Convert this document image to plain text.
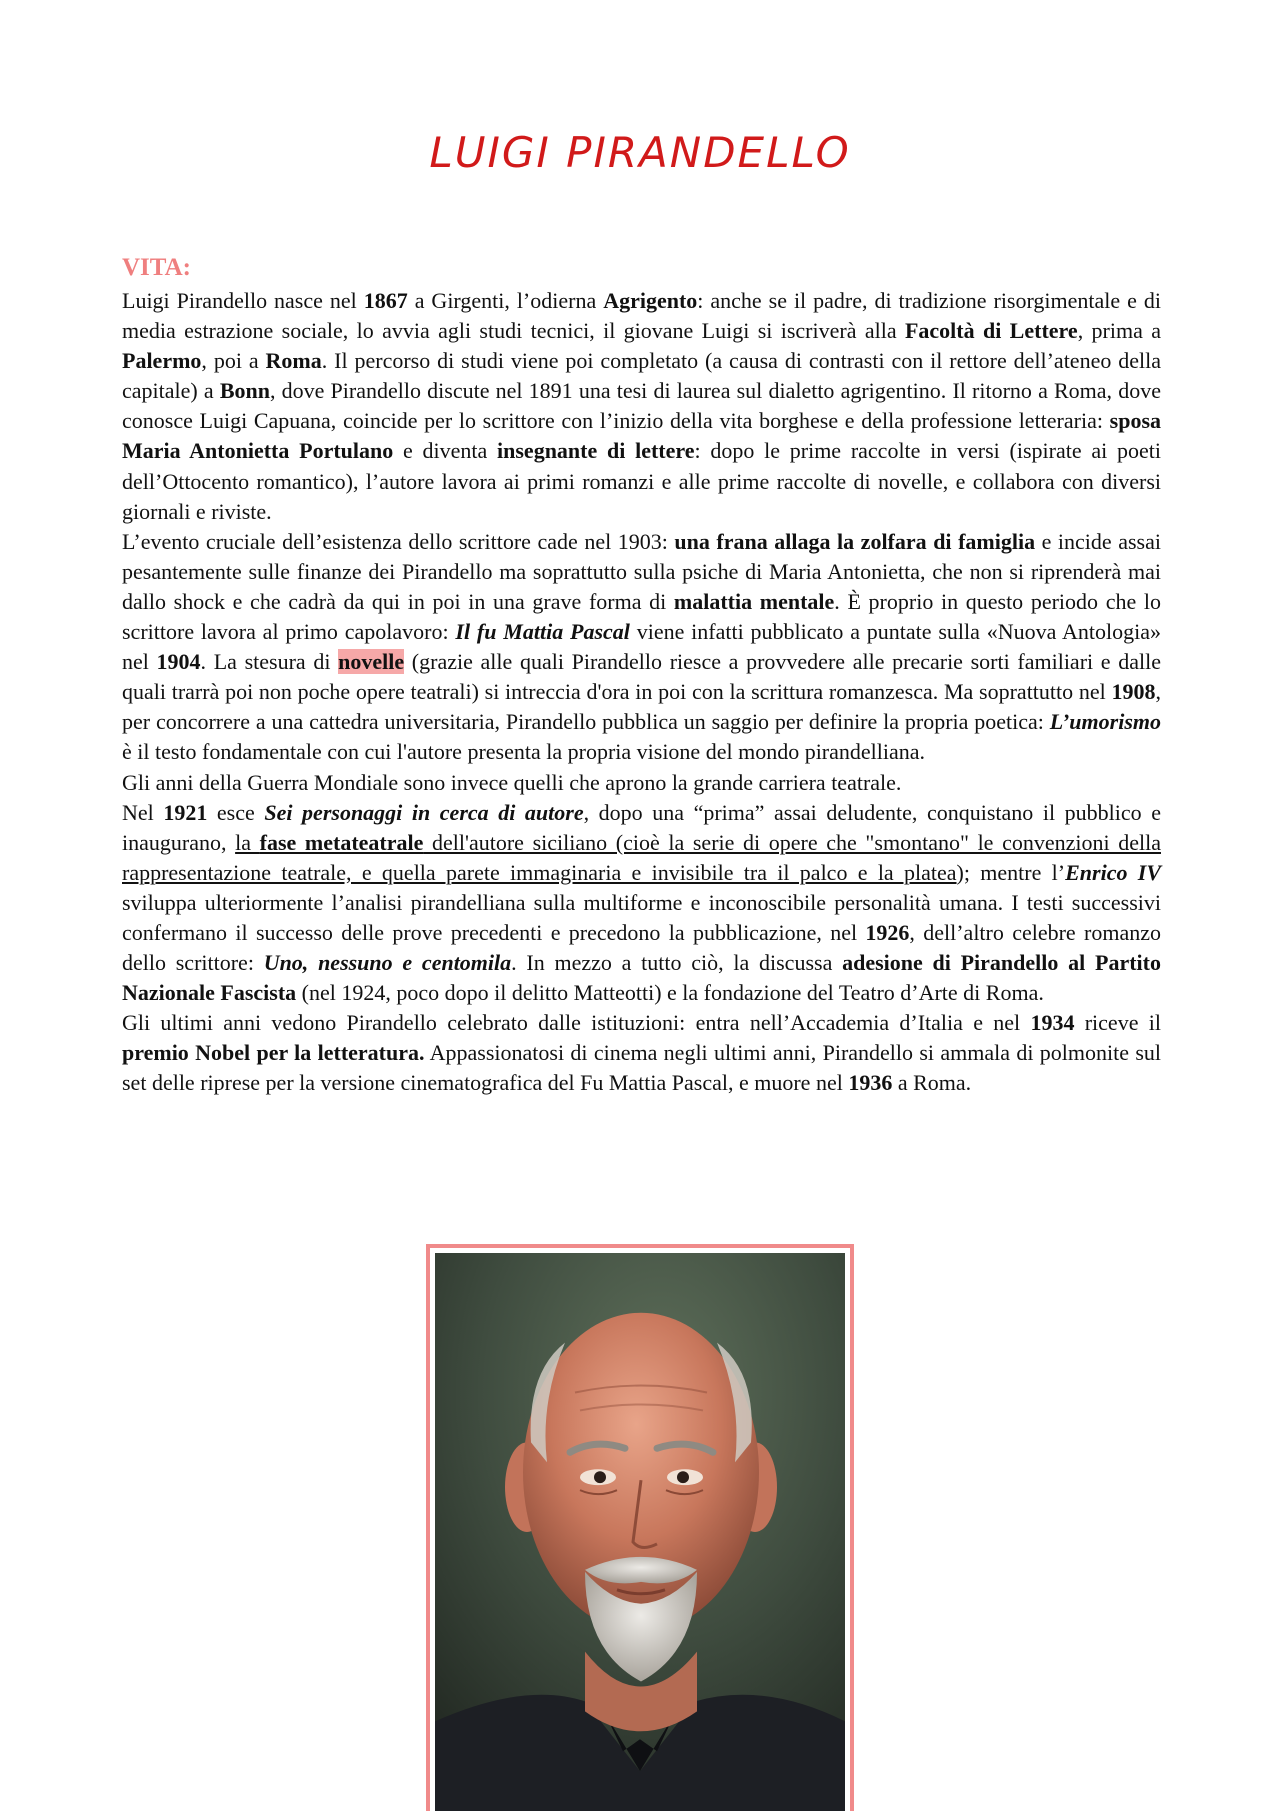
LUIGI PIRANDELLO
VITA:

Luigi Pirandello nasce nel 1867 a Girgenti, l’odierna Agrigento: anche se il padre, di tradizione risorgimentale e di media estrazione sociale, lo avvia agli studi tecnici, il giovane Luigi si iscriverà alla Facoltà di Lettere, prima a Palermo, poi a Roma. Il percorso di studi viene poi completato (a causa di contrasti con il rettore dell’ateneo della capitale) a Bonn, dove Pirandello discute nel 1891 una tesi di laurea sul dialetto agrigentino. Il ritorno a Roma, dove conosce Luigi Capuana, coincide per lo scrittore con l’inizio della vita borghese e della professione letteraria: sposa Maria Antonietta Portulano e diventa insegnante di lettere: dopo le prime raccolte in versi (ispirate ai poeti dell’Ottocento romantico), l’autore lavora ai primi romanzi e alle prime raccolte di novelle, e collabora con diversi giornali e riviste.

L’evento cruciale dell’esistenza dello scrittore cade nel 1903: una frana allaga la zolfara di famiglia e incide assai pesantemente sulle finanze dei Pirandello ma soprattutto sulla psiche di Maria Antonietta, che non si riprenderà mai dallo shock e che cadrà da qui in poi in una grave forma di malattia mentale. È proprio in questo periodo che lo scrittore lavora al primo capolavoro: Il fu Mattia Pascal viene infatti pubblicato a puntate sulla «Nuova Antologia» nel 1904. La stesura di novelle (grazie alle quali Pirandello riesce a provvedere alle precarie sorti familiari e dalle quali trarrà poi non poche opere teatrali) si intreccia d'ora in poi con la scrittura romanzesca. Ma soprattutto nel 1908, per concorrere a una cattedra universitaria, Pirandello pubblica un saggio per definire la propria poetica: L’umorismo è il testo fondamentale con cui l'autore presenta la propria visione del mondo pirandelliana.

Gli anni della Guerra Mondiale sono invece quelli che aprono la grande carriera teatrale.

Nel 1921 esce Sei personaggi in cerca di autore, dopo una “prima” assai deludente, conquistano il pubblico e inaugurano, la fase metateatrale dell'autore siciliano (cioè la serie di opere che "smontano" le convenzioni della rappresentazione teatrale, e quella parete immaginaria e invisibile tra il palco e la platea); mentre l’Enrico IV sviluppa ulteriormente l’analisi pirandelliana sulla multiforme e inconoscibile personalità umana. I testi successivi confermano il successo delle prove precedenti e precedono la pubblicazione, nel 1926, dell’altro celebre romanzo dello scrittore: Uno, nessuno e centomila. In mezzo a tutto ciò, la discussa adesione di Pirandello al Partito Nazionale Fascista (nel 1924, poco dopo il delitto Matteotti) e la fondazione del Teatro d’Arte di Roma.

Gli ultimi anni vedono Pirandello celebrato dalle istituzioni: entra nell’Accademia d’Italia e nel 1934 riceve il premio Nobel per la letteratura. Appassionatosi di cinema negli ultimi anni, Pirandello si ammala di polmonite sul set delle riprese per la versione cinematografica del Fu Mattia Pascal, e muore nel 1936 a Roma.
